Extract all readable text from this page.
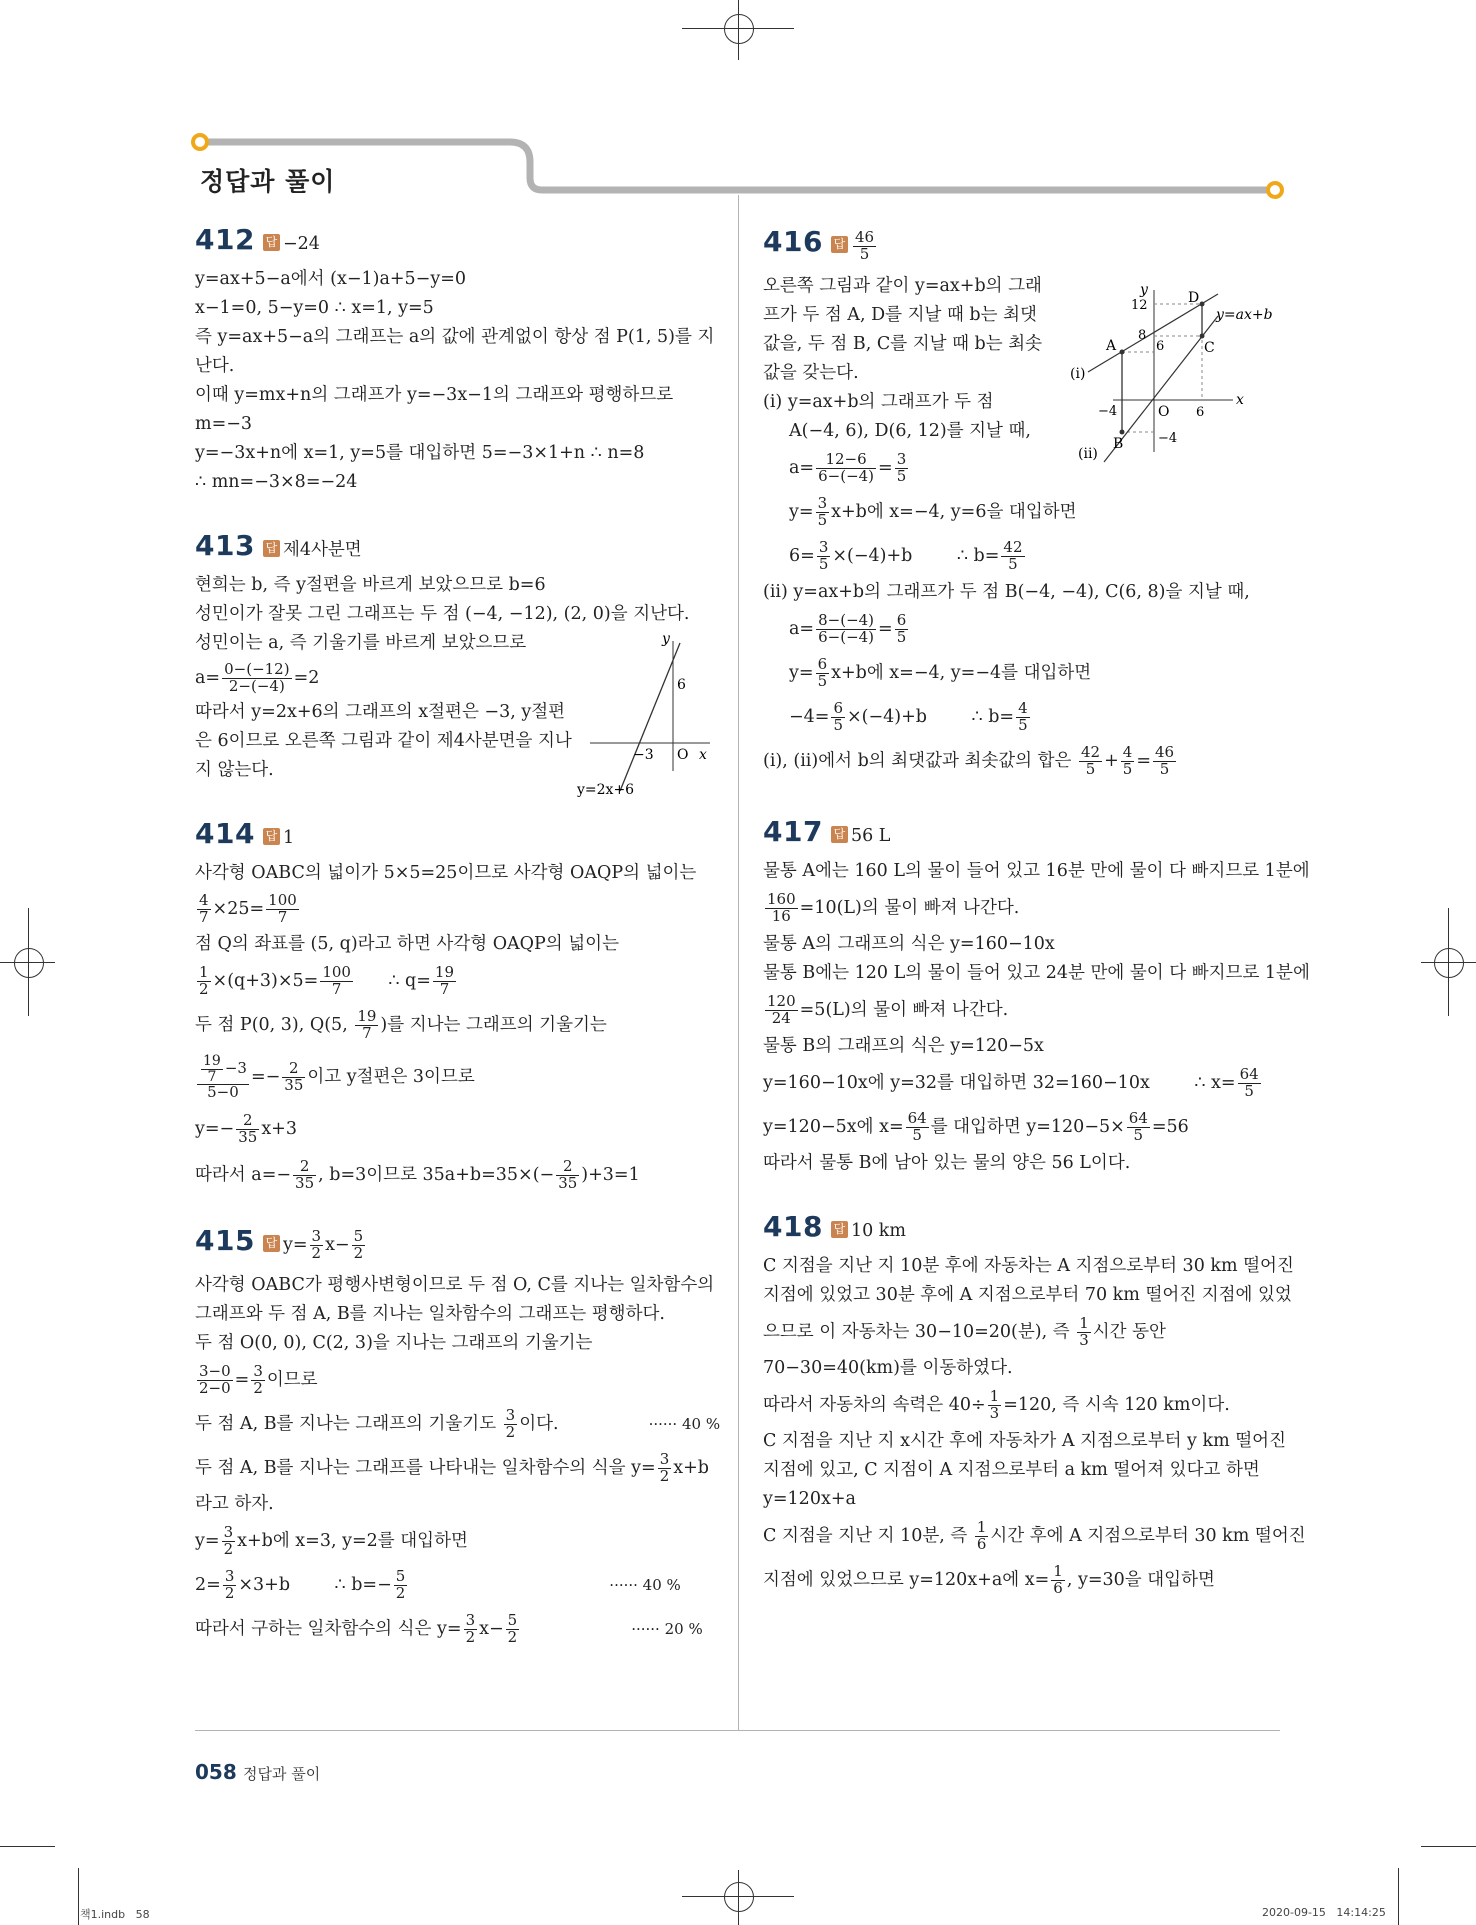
정답과 풀이

412 답 −24

y=ax+5−a에서 (x−1)a+5−y=0

x−1=0, 5−y=0 ∴ x=1, y=5

즉 y=ax+5−a의 그래프는 a의 값에 관계없이 항상 점 P(1, 5)를 지

난다.

이때 y=mx+n의 그래프가 y=−3x−1의 그래프와 평행하므로

m=−3

y=−3x+n에 x=1, y=5를 대입하면 5=−3×1+n ∴ n=8

∴ mn=−3×8=−24

413 답 제4사분면

현희는 b, 즉 y절편을 바르게 보았으므로 b=6

성민이가 잘못 그린 그래프는 두 점 (−4, −12), (2, 0)을 지난다.

성민이는 a, 즉 기울기를 바르게 보았으므로

$a= \frac{0-(-12)}{2-(-4)} =2$

따라서 y=2x+6의 그래프의 x절편은 −3, y절편

은 6이므로 오른쪽 그림과 같이 제4사분면을 지나

지 않는다.

y
x
O
6
−3
y=2x+6

414 답 1

사각형 OABC의 넓이가 5×5=25이므로 사각형 OAQP의 넓이는

$\frac{4}{7} \times 25= \frac{100}{7}$

점 Q의 좌표를 (5, q)라고 하면 사각형 OAQP의 넓이는

$\frac{1}{2} \times(q+3)\times 5= \frac{100}{7}$ ∴ $q= \frac{19}{7}$

두 점 P(0, 3), Q(5, $\frac{19}{7}$ )를 지나는 그래프의 기울기는

$\frac{\frac{19}{7} -3}{5-0} =- \frac{2}{35}$ 이고 y절편은 3이므로

$y=- \frac{2}{35} x+3$

따라서 $a=- \frac{2}{35}$ , b=3이므로 $35a+b=35\times(- \frac{2}{35} )+3=1$

415 답 $y= \frac{3}{2} x- \frac{5}{2}$

사각형 OABC가 평행사변형이므로 두 점 O, C를 지나는 일차함수의

그래프와 두 점 A, B를 지나는 일차함수의 그래프는 평행하다.

두 점 O(0, 0), C(2, 3)을 지나는 그래프의 기울기는

$\frac{3-0}{2-0} = \frac{3}{2}$ 이므로

두 점 A, B를 지나는 그래프의 기울기도 $\frac{3}{2}$ 이다.	······ 40 %

두 점 A, B를 지나는 그래프를 나타내는 일차함수의 식을 $y= \frac{3}{2} x+b$

라고 하자.

$y= \frac{3}{2} x+b$에 x=3, y=2를 대입하면

$2= \frac{3}{2} \times 3+b$        ∴ $b=- \frac{5}{2}$	······ 40 %

따라서 구하는 일차함수의 식은 $y= \frac{3}{2} x- \frac{5}{2}$	······ 20 %

416 답 $\frac{46}{5}$

오른쪽 그림과 같이 y=ax+b의 그래

프가 두 점 A, D를 지날 때 b는 최댓

값을, 두 점 B, C를 지날 때 b는 최솟

값을 갖는다.

(i) y=ax+b의 그래프가 두 점

A(−4, 6), D(6, 12)를 지날 때,

$a= \frac{12-6}{6-(-4)} = \frac{3}{5}$

$y= \frac{3}{5} x+b$에 x=−4, y=6을 대입하면

$6= \frac{3}{5} \times(-4)+b$        ∴ $b= \frac{42}{5}$

(ii) y=ax+b의 그래프가 두 점 B(−4, −4), C(6, 8)을 지날 때,

$a= \frac{8-(-4)}{6-(-4)} = \frac{6}{5}$

$y= \frac{6}{5} x+b$에 x=−4, y=−4를 대입하면

$-4= \frac{6}{5} \times(-4)+b$        ∴ $b= \frac{4}{5}$

(i), (ii)에서 b의 최댓값과 최솟값의 합은 $\frac{42}{5} + \frac{4}{5} = \frac{46}{5}$

y
x
O
12
8
6
−4
−4
6
A
B
C
D
y=ax+b
(i)
(ii)

417 답 56 L

물통 A에는 160 L의 물이 들어 있고 16분 만에 물이 다 빠지므로 1분에

$\frac{160}{16} =10(L)$의 물이 빠져 나간다.

물통 A의 그래프의 식은 y=160−10x

물통 B에는 120 L의 물이 들어 있고 24분 만에 물이 다 빠지므로 1분에

$\frac{120}{24} =5(L)$의 물이 빠져 나간다.

물통 B의 그래프의 식은 y=120−5x

y=160−10x에 y=32를 대입하면 32=160−10x        ∴ $x= \frac{64}{5}$

y=120−5x에 $x= \frac{64}{5}$ 를 대입하면 $y=120-5\times \frac{64}{5} =56$

따라서 물통 B에 남아 있는 물의 양은 56 L이다.

418 답 10 km

C 지점을 지난 지 10분 후에 자동차는 A 지점으로부터 30 km 떨어진

지점에 있었고 30분 후에 A 지점으로부터 70 km 떨어진 지점에 있었

으므로 이 자동차는 30−10=20(분), 즉 $\frac{1}{3}$ 시간 동안

70−30=40(km)를 이동하였다.

따라서 자동차의 속력은 $40\div \frac{1}{3} =120$, 즉 시속 120 km이다.

C 지점을 지난 지 x시간 후에 자동차가 A 지점으로부터 y km 떨어진

지점에 있고, C 지점이 A 지점으로부터 a km 떨어져 있다고 하면

y=120x+a

C 지점을 지난 지 10분, 즉 $\frac{1}{6}$ 시간 후에 A 지점으로부터 30 km 떨어진

지점에 있었으므로 y=120x+a에 $x= \frac{1}{6}$ , y=30을 대입하면

058 정답과 풀이
책1.indb   58	2020-09-15   14:14:25
